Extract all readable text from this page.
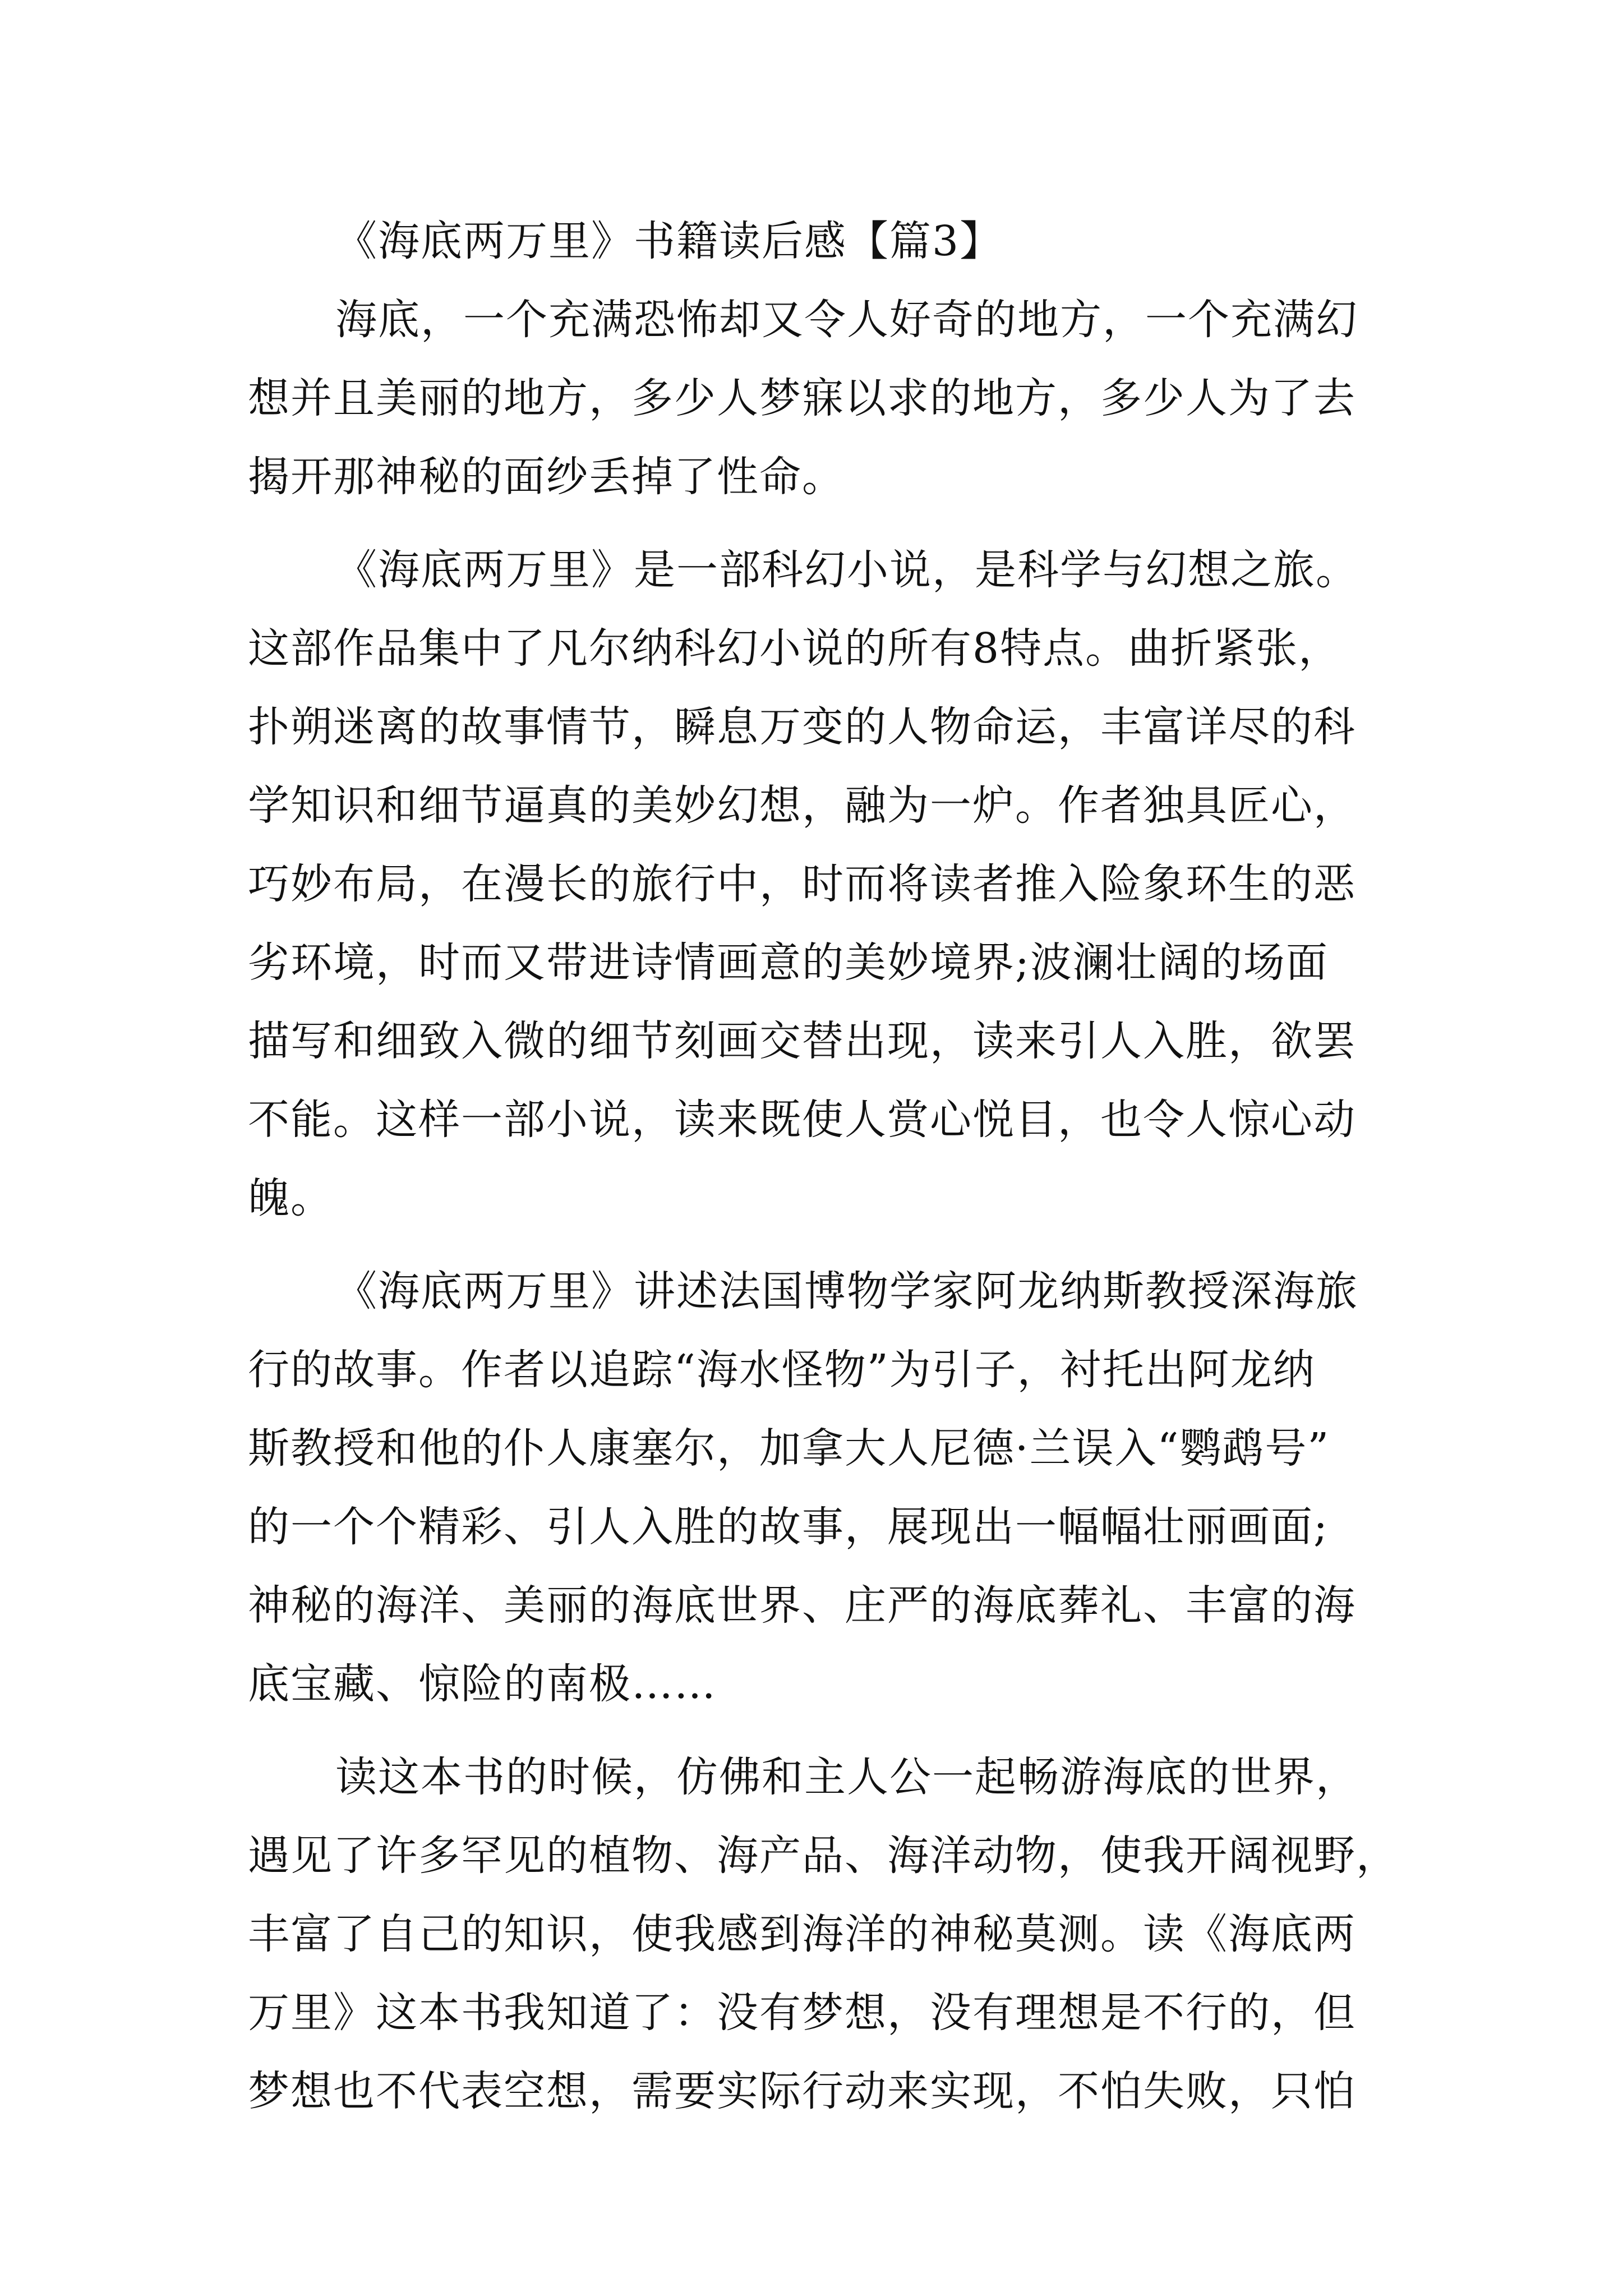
《海底两万里》书籍读后感【篇3】

海底，一个充满恐怖却又令人好奇的地方，一个充满幻
想并且美丽的地方，多少人梦寐以求的地方，多少人为了去
揭开那神秘的面纱丢掉了性命。

《海底两万里》是一部科幻小说，是科学与幻想之旅。
这部作品集中了凡尔纳科幻小说的所有8特点。曲折紧张，
扑朔迷离的故事情节，瞬息万变的人物命运，丰富详尽的科
学知识和细节逼真的美妙幻想，融为一炉。作者独具匠心，
巧妙布局，在漫长的旅行中，时而将读者推入险象环生的恶
劣环境，时而又带进诗情画意的美妙境界;波澜壮阔的场面
描写和细致入微的细节刻画交替出现，读来引人入胜，欲罢
不能。这样一部小说，读来既使人赏心悦目，也令人惊心动
魄。

《海底两万里》讲述法国博物学家阿龙纳斯教授深海旅
行的故事。作者以追踪“海水怪物”为引子，衬托出阿龙纳
斯教授和他的仆人康塞尔，加拿大人尼德·兰误入“鹦鹉号”
的一个个精彩、引人入胜的故事，展现出一幅幅壮丽画面;
神秘的海洋、美丽的海底世界、庄严的海底葬礼、丰富的海
底宝藏、惊险的南极……

读这本书的时候，仿佛和主人公一起畅游海底的世界，
遇见了许多罕见的植物、海产品、海洋动物，使我开阔视野，
丰富了自己的知识，使我感到海洋的神秘莫测。读《海底两
万里》这本书我知道了：没有梦想，没有理想是不行的，但
梦想也不代表空想，需要实际行动来实现，不怕失败，只怕
